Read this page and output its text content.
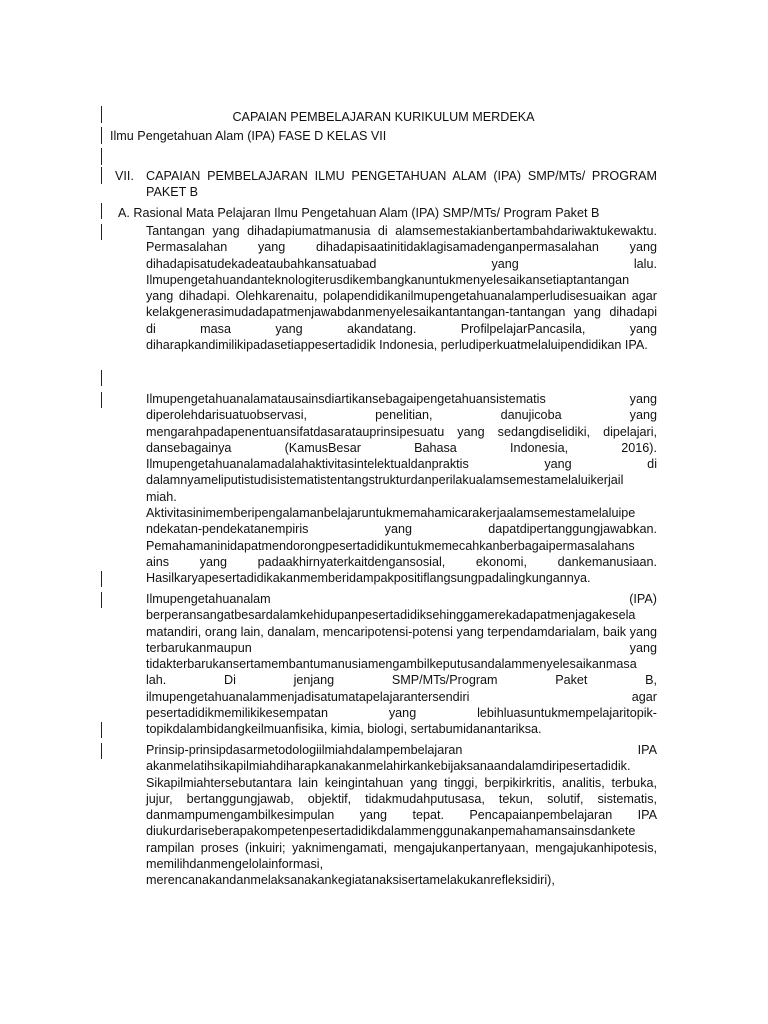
CAPAIAN PEMBELAJARAN KURIKULUM MERDEKA
Ilmu Pengetahuan Alam (IPA) FASE D KELAS VII
VII. CAPAIAN PEMBELAJARAN ILMU PENGETAHUAN ALAM (IPA) SMP/MTs/ PROGRAM PAKET B
A. Rasional Mata Pelajaran Ilmu Pengetahuan Alam (IPA) SMP/MTs/ Program Paket B
Tantangan yang dihadapiumatmanusia di alamsemestakianbertambahdariwaktukewaktu. Permasalahan yang dihadapisaatinitidaklagisamadenganpermasalahan yang dihadapisatudekadeataubahkansatuabad yang lalu. Ilmupengetahuandanteknologiterusdikembangkanuntukmenyelesaikansetiaptantangan yang dihadapi. Olehkarenaitu, polapendidikanilmupengetahuanalamperludisesuaikan agar kelakgenerasimudadapatmenjawabdanmenyelesaikantantangan-tantangan yang dihadapi di masa yang akandatang. ProfilpelajarPancasila, yang diharapkandimilikipadasetiappesertadidik Indonesia, perludiperkuatmelaluipendidikan IPA.
Ilmupengetahuanalamatausainsdiartikansebagaipengetahuansistematis yang diperolehdarisuatuobservasi, penelitian, danujicoba yang mengarahpadapenentuansifatdasaratauprinsipesuatu yang sedangdiselidiki, dipelajari, dansebagainya (KamusBesar Bahasa Indonesia, 2016). Ilmupengetahuanalamadalahaktivitasintelektualdanpraktis yang di dalamnyameliputistudisistematistentangstrukturdanperilakualamsemestamelaluikerjail miah. Aktivitasinimemberipengalamanbelajaruntukmemahamicarakerjaalamsemestamelaluipe ndekatan-pendekatanempiris yang dapatdipertanggungjawabkan. Pemahamaninidapatmendorongpesertadidikuntukmemecahkanberbagaipermasalahans ains yang padaakhirnyaterkaitdengansosial, ekonomi, dankemanusiaan. Hasilkaryapesertadidikakanmemberidampakpositiflangsungpadalingkungannya.
Ilmupengetahuanalam (IPA) berperansangatbesardalamkehidupanpesertadidiksehinggamerekadapatmenjagakesela matandiri, orang lain, danalam, mencaripotensi-potensi yang terpendamdarialam, baik yang terbarukanmaupun yang tidakterbarukansertamembantumanusiamengambilkeputusandalammenyelesaikanmasa lah. Di jenjang SMP/MTs/Program Paket B, ilmupengetahuanalammenjadisatumatapelajarantersendiri agar pesertadidikmemilikikesempatan yang lebihluasuntukmempelajaritopik- topikdalambidangkeilmuanfisika, kimia, biologi, sertabumidanantariksa.
Prinsip-prinsipdasarmetodologiilmiahdalampembelajaran IPA akanmelatihsikapilmiahdiharapkanakanmelahirkankebijaksanaandalamdiripesertadidik. Sikapilmiahtersebutantara lain keingintahuan yang tinggi, berpikirkritis, analitis, terbuka, jujur, bertanggungjawab, objektif, tidakmudahputusasa, tekun, solutif, sistematis, danmampumengambilkesimpulan yang tepat. Pencapaianpembelajaran IPA diukurdariseberapakompetenpesertadidikdalammenggunakanpemahamansainsdankete rampilan proses (inkuiri; yaknimengamati, mengajukanpertanyaan, mengajukanhipotesis, memilihdanmengelolainformasi, merencanakandanmelaksanakankegiatanaksisertamelakukanrefleksidiri),
